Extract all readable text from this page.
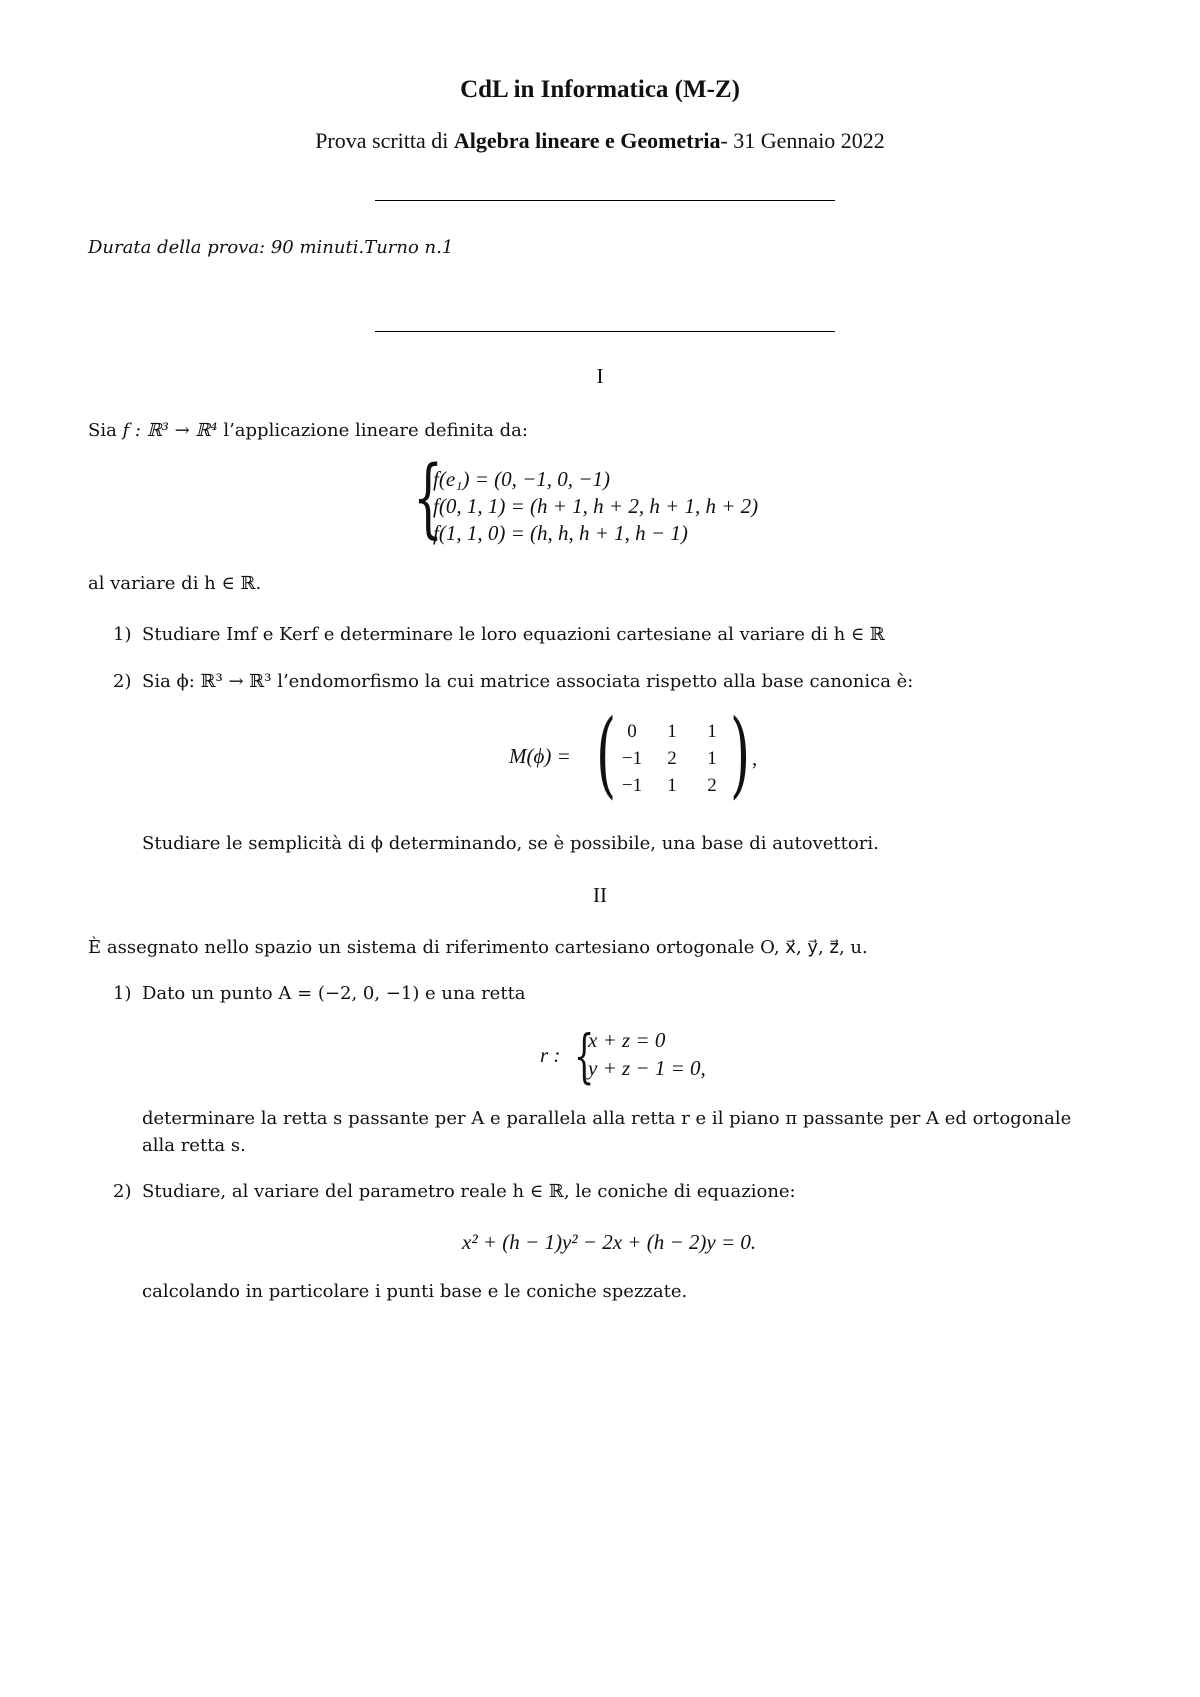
CdL in Informatica (M-Z)
Prova scritta di Algebra lineare e Geometria- 31 Gennaio 2022
Durata della prova: 90 minuti.Turno n.1
I
Sia f : ℝ³ → ℝ⁴ l’applicazione lineare definita da:
{
f(e₁) = (0, −1, 0, −1)
f(0, 1, 1) = (h + 1, h + 2, h + 1, h + 2)
f(1, 1, 0) = (h, h, h + 1, h − 1)
al variare di h ∈ ℝ.
1) Studiare Imf e Kerf e determinare le loro equazioni cartesiane al variare di h ∈ ℝ
2) Sia ϕ: ℝ³ → ℝ³ l’endomorfismo la cui matrice associata rispetto alla base canonica è:
M(ϕ) = ( 0	1	1
−1	2	1
−1	1	2 ) ,
Studiare le semplicità di ϕ determinando, se è possibile, una base di autovettori.
II
È assegnato nello spazio un sistema di riferimento cartesiano ortogonale O, x⃗, y⃗, z⃗, u.
1) Dato un punto A = (−2, 0, −1) e una retta
r : {
x + z = 0
y + z − 1 = 0,
determinare la retta s passante per A e parallela alla retta r e il piano π passante per A ed ortogonale
alla retta s.
2) Studiare, al variare del parametro reale h ∈ ℝ, le coniche di equazione:
x² + (h − 1)y² − 2x + (h − 2)y = 0.
calcolando in particolare i punti base e le coniche spezzate.
